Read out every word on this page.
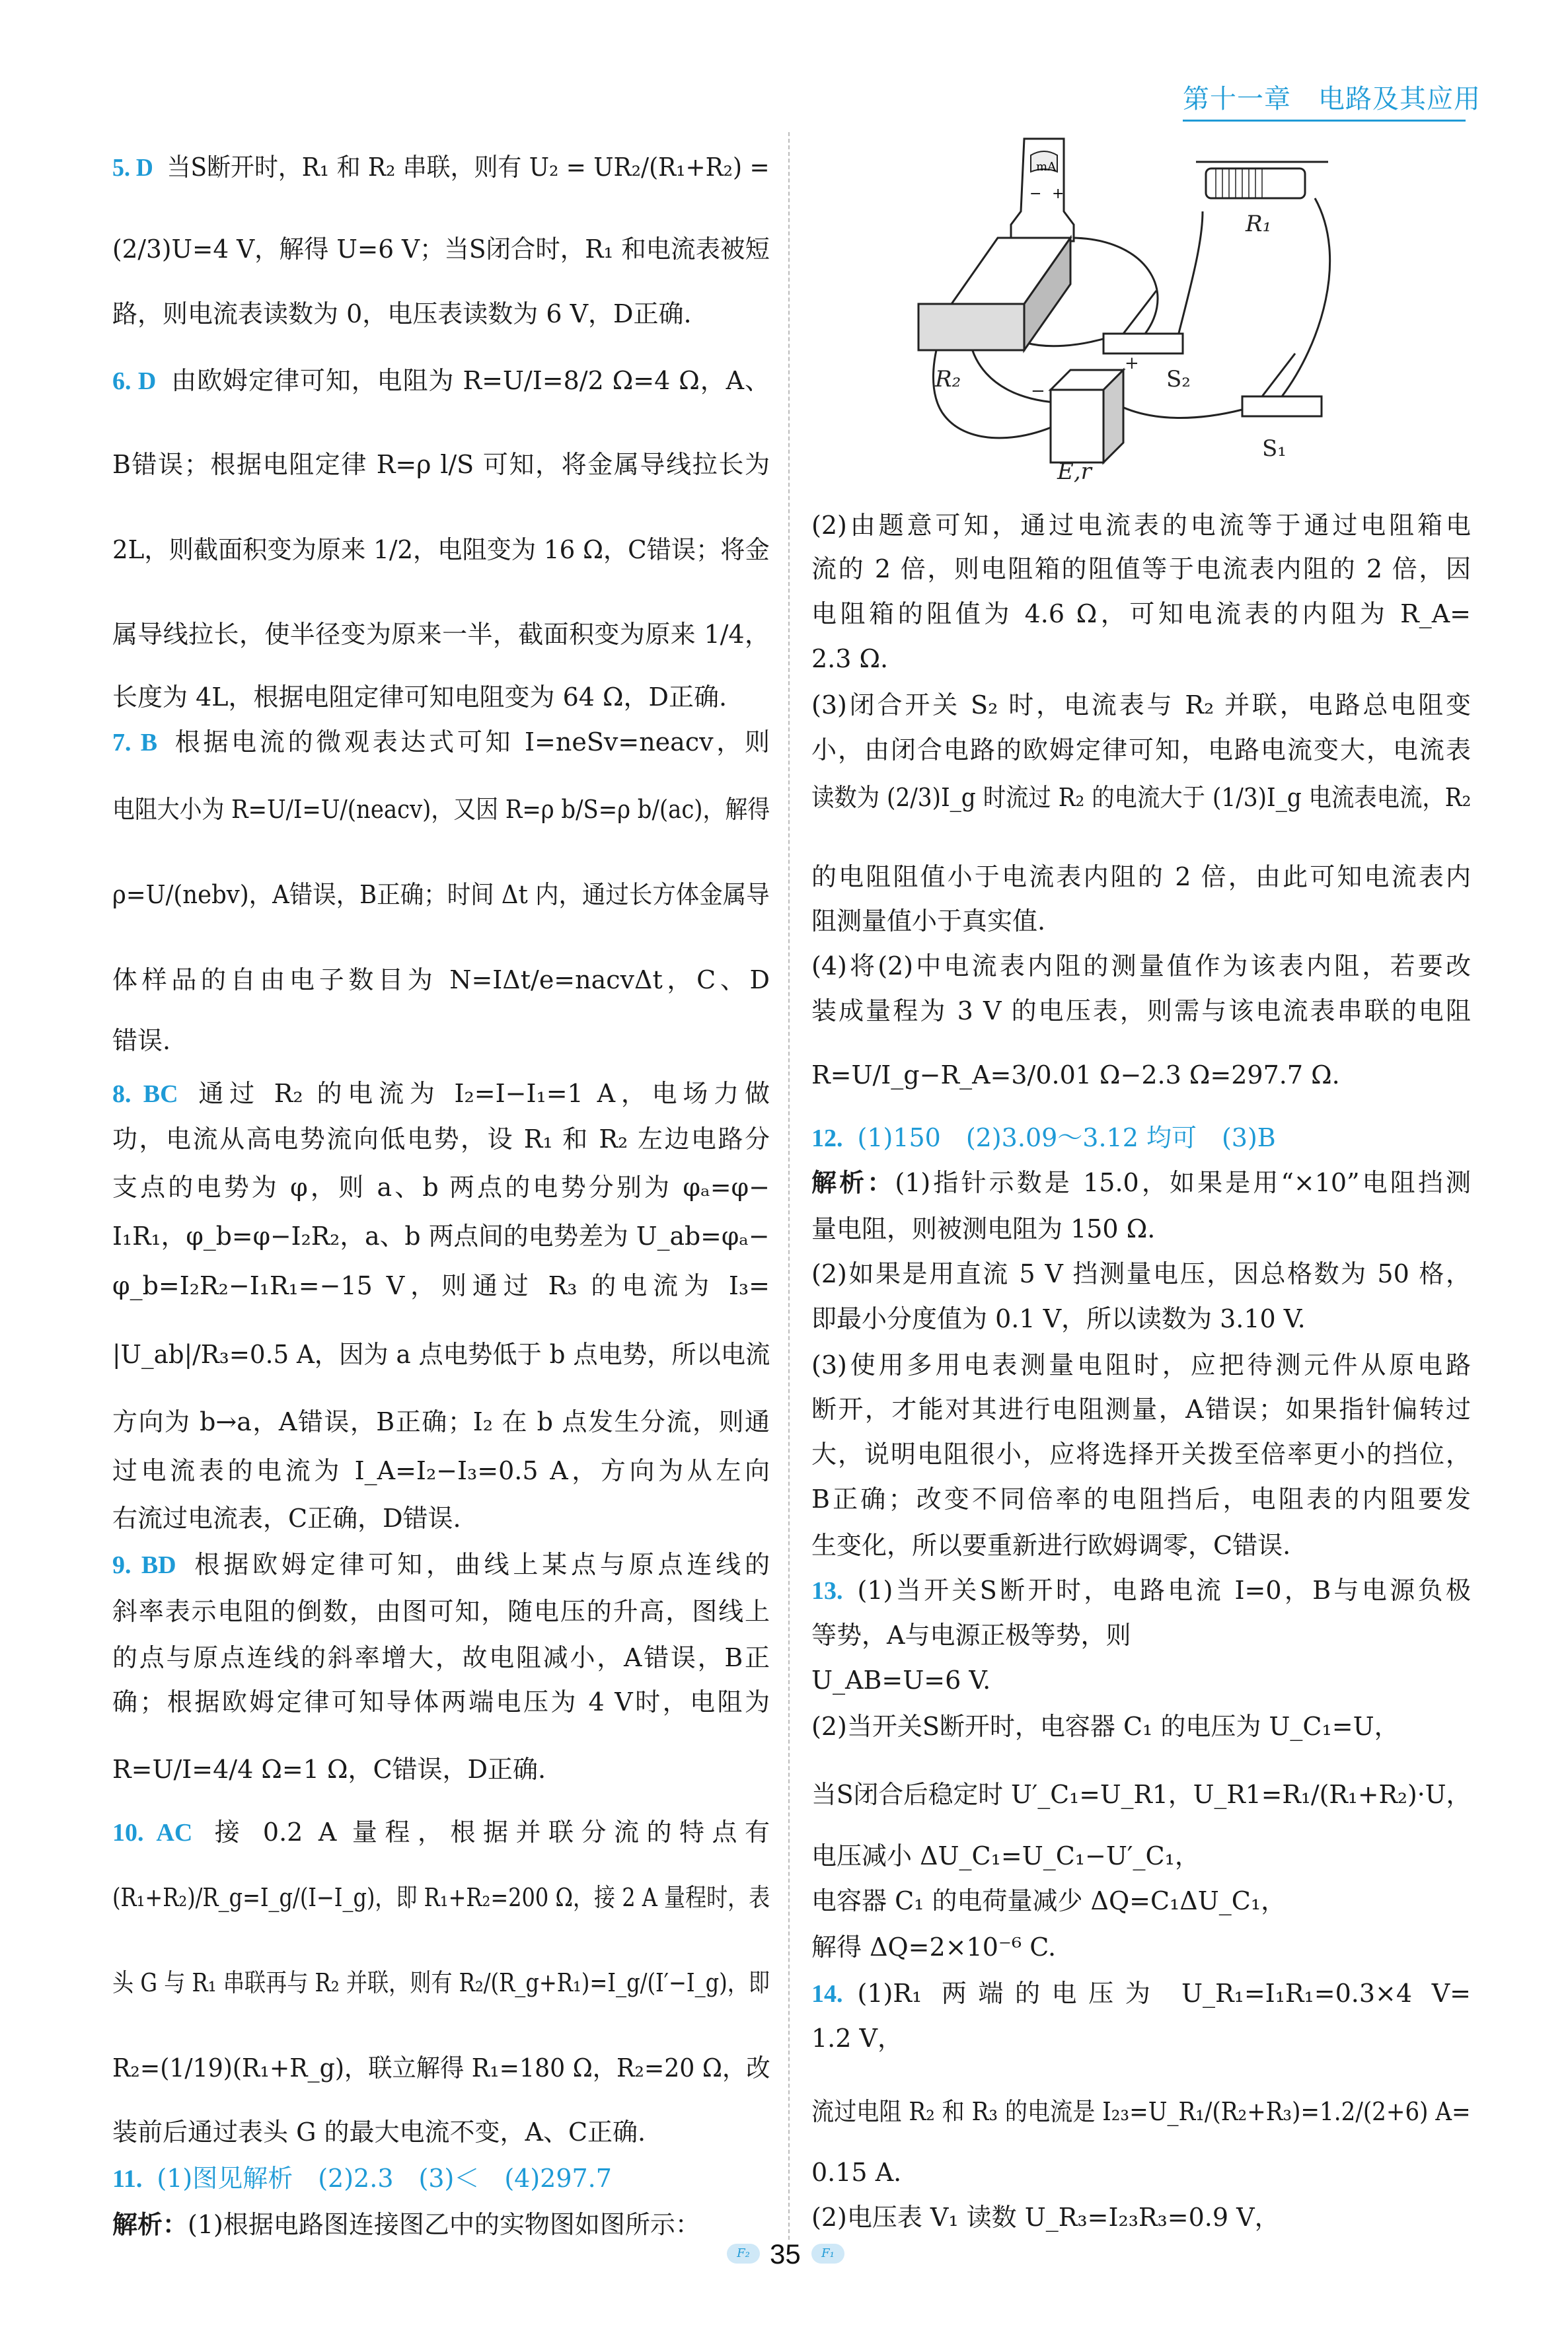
第十一章　电路及其应用
5. D 当S断开时，R₁ 和 R₂ 串联，则有 U₂ = UR₂/(R₁+R₂) =
(2/3)U=4 V，解得 U=6 V；当S闭合时，R₁ 和电流表被短
路，则电流表读数为 0，电压表读数为 6 V，D正确.
6. D 由欧姆定律可知，电阻为 R=U/I=8/2 Ω=4 Ω，A、
B错误；根据电阻定律 R=ρ l/S 可知，将金属导线拉长为
2L，则截面积变为原来 1/2，电阻变为 16 Ω，C错误；将金
属导线拉长，使半径变为原来一半，截面积变为原来 1/4，
长度为 4L，根据电阻定律可知电阻变为 64 Ω，D正确.
7. B 根据电流的微观表达式可知 I=neSv=neacv，则
电阻大小为 R=U/I=U/(neacv)，又因 R=ρ b/S=ρ b/(ac)，解得
ρ=U/(nebv)，A错误，B正确；时间 Δt 内，通过长方体金属导
体样品的自由电子数目为 N=IΔt/e=nacvΔt，C、D
错误.
8. BC 通过 R₂ 的电流为 I₂=I−I₁=1 A，电场力做
功，电流从高电势流向低电势，设 R₁ 和 R₂ 左边电路分
支点的电势为 φ，则 a、b 两点的电势分别为 φₐ=φ−
I₁R₁，φ_b=φ−I₂R₂，a、b 两点间的电势差为 U_ab=φₐ−
φ_b=I₂R₂−I₁R₁=−15 V，则通过 R₃ 的电流为 I₃=
|U_ab|/R₃=0.5 A，因为 a 点电势低于 b 点电势，所以电流
方向为 b→a，A错误，B正确；I₂ 在 b 点发生分流，则通
过电流表的电流为 I_A=I₂−I₃=0.5 A，方向为从左向
右流过电流表，C正确，D错误.
9. BD 根据欧姆定律可知，曲线上某点与原点连线的
斜率表示电阻的倒数，由图可知，随电压的升高，图线上
的点与原点连线的斜率增大，故电阻减小，A错误，B正
确；根据欧姆定律可知导体两端电压为 4 V时，电阻为
R=U/I=4/4 Ω=1 Ω，C错误，D正确.
10. AC 接 0.2 A 量程，根据并联分流的特点有
(R₁+R₂)/R_g=I_g/(I−I_g)，即 R₁+R₂=200 Ω，接 2 A 量程时，表
头 G 与 R₁ 串联再与 R₂ 并联，则有 R₂/(R_g+R₁)=I_g/(I′−I_g)，即
R₂=(1/19)(R₁+R_g)，联立解得 R₁=180 Ω，R₂=20 Ω，改
装前后通过表头 G 的最大电流不变，A、C正确.
11. (1)图见解析　(2)2.3　(3)＜　(4)297.7
解析：(1)根据电路图连接图乙中的实物图如图所示：
(2)由题意可知，通过电流表的电流等于通过电阻箱电
流的 2 倍，则电阻箱的阻值等于电流表内阻的 2 倍，因
电阻箱的阻值为 4.6 Ω，可知电流表的内阻为 R_A=
2.3 Ω.
(3)闭合开关 S₂ 时，电流表与 R₂ 并联，电路总电阻变
小，由闭合电路的欧姆定律可知，电路电流变大，电流表
读数为 (2/3)I_g 时流过 R₂ 的电流大于 (1/3)I_g 电流表电流，R₂
的电阻阻值小于电流表内阻的 2 倍，由此可知电流表内
阻测量值小于真实值.
(4)将(2)中电流表内阻的测量值作为该表内阻，若要改
装成量程为 3 V 的电压表，则需与该电流表串联的电阻
R=U/I_g−R_A=3/0.01 Ω−2.3 Ω=297.7 Ω.
12. (1)150　(2)3.09～3.12 均可　(3)B
解析：(1)指针示数是 15.0，如果是用“×10”电阻挡测
量电阻，则被测电阻为 150 Ω.
(2)如果是用直流 5 V 挡测量电压，因总格数为 50 格，
即最小分度值为 0.1 V，所以读数为 3.10 V.
(3)使用多用电表测量电阻时，应把待测元件从原电路
断开，才能对其进行电阻测量，A错误；如果指针偏转过
大，说明电阻很小，应将选择开关拨至倍率更小的挡位，
B正确；改变不同倍率的电阻挡后，电阻表的内阻要发
生变化，所以要重新进行欧姆调零，C错误.
13. (1)当开关S断开时，电路电流 I=0，B与电源负极
等势，A与电源正极等势，则
U_AB=U=6 V.
(2)当开关S断开时，电容器 C₁ 的电压为 U_C₁=U，
当S闭合后稳定时 U′_C₁=U_R1，U_R1=R₁/(R₁+R₂)·U，
电压减小 ΔU_C₁=U_C₁−U′_C₁，
电容器 C₁ 的电荷量减少 ΔQ=C₁ΔU_C₁，
解得 ΔQ=2×10⁻⁶ C.
14. (1)R₁ 两端的电压为 U_R₁=I₁R₁=0.3×4 V=
1.2 V，
流过电阻 R₂ 和 R₃ 的电流是 I₂₃=U_R₁/(R₂+R₃)=1.2/(2+6) A=
0.15 A.
(2)电压表 V₁ 读数 U_R₃=I₂₃R₃=0.9 V，
mA
− +
R₁
R₂	S₂
S₁
−
+
E,r
F₂ 35	F₁
